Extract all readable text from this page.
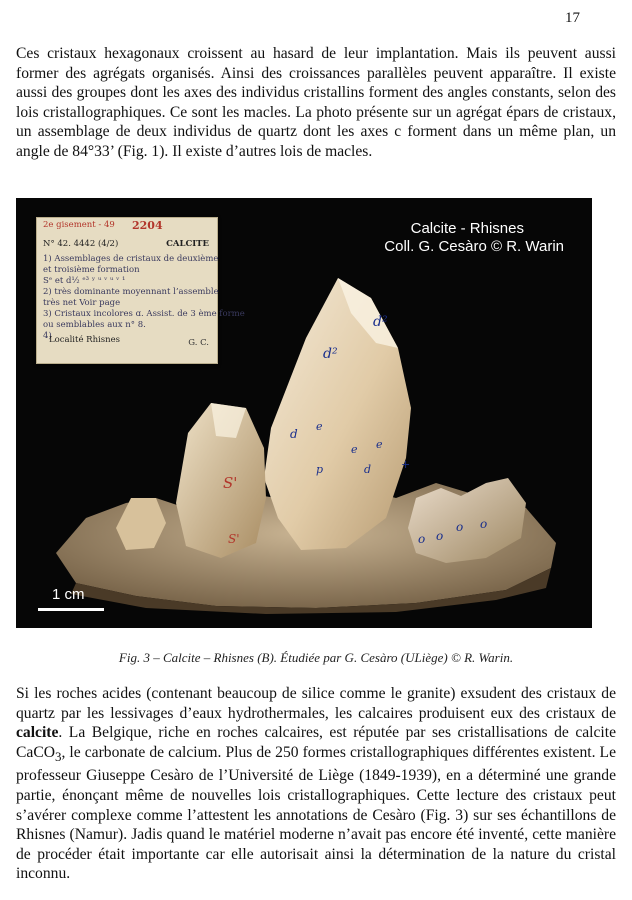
17

Ces cristaux hexagonaux croissent au hasard de leur implantation. Mais ils peuvent aussi former des agrégats organisés. Ainsi des croissances parallèles peuvent apparaître. Il existe aussi des groupes dont les axes des individus cristallins forment des angles constants, selon des lois cristallographiques. Ce sont les macles. La photo présente sur un agrégat épars de cristaux, un assemblage de deux individus de quartz dont les axes c forment dans un même plan, un angle de 84°33’ (Fig. 1). Il existe d’autres lois de macles.

d²
d²
d
e
e e
d
p	+
o o
o o
S'
S'
2e gisement - 49 2204
N° 42. 4442 (4/2)	CALCITE
1) Assemblages de cristaux de deuxième
et troisième formation
Sᵉ et d¹⁄₂ ᵉ³ ʸ ᵘ ᵛ ᵘ ᵛ ¹
2) très dominante moyennant l’assemble
très net Voir page
3) Cristaux incolores ɑ. Assist. de 3 ème forme
ou semblables aux n° 8.
4)
Localité Rhisnes	G. C.
Calcite - Rhisnes
Coll. G. Cesàro © R. Warin
1 cm
Fig. 3 – Calcite – Rhisnes (B). Étudiée par G. Cesàro (ULiège) © R. Warin.

Si les roches acides (contenant beaucoup de silice comme le granite) exsudent des cristaux de quartz par les lessivages d’eaux hydrothermales, les calcaires produisent eux des cristaux de calcite. La Belgique, riche en roches calcaires, est réputée par ses cristallisations de calcite CaCO$_3$, le carbonate de calcium. Plus de 250 formes cristallographiques différentes existent. Le professeur Giuseppe Cesàro de l’Université de Liège (1849-1939), en a déterminé une grande partie, énonçant même de nouvelles lois cristallographiques. Cette lecture des cristaux peut s’avérer complexe comme l’attestent les annotations de Cesàro (Fig. 3) sur ses échantillons de Rhisnes (Namur). Jadis quand le matériel moderne n’avait pas encore été inventé, cette manière de procéder était importante car elle autorisait ainsi la détermination de la nature du cristal inconnu.
